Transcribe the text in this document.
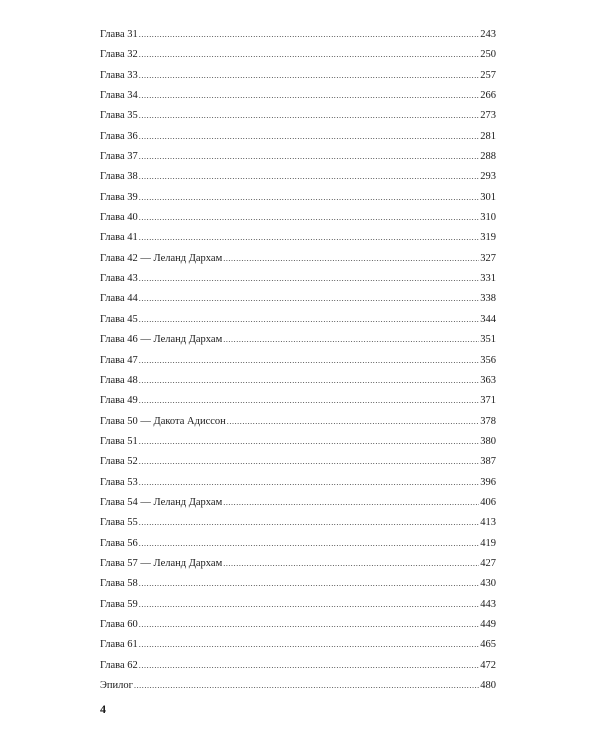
Глава 31 .....	243
Глава 32 .....	250
Глава 33 .....	257
Глава 34 .....	266
Глава 35 .....	273
Глава 36 .....	281
Глава 37 .....	288
Глава 38 .....	293
Глава 39 .....	301
Глава 40 .....	310
Глава 41 .....	319
Глава 42 — Леланд Дархам .....	327
Глава 43 .....	331
Глава 44 .....	338
Глава 45 .....	344
Глава 46 — Леланд Дархам .....	351
Глава 47 .....	356
Глава 48 .....	363
Глава 49 .....	371
Глава 50 — Дакота Адиссон .....	378
Глава 51 .....	380
Глава 52 .....	387
Глава 53 .....	396
Глава 54 — Леланд Дархам .....	406
Глава 55 .....	413
Глава 56 .....	419
Глава 57 — Леланд Дархам .....	427
Глава 58 .....	430
Глава 59 .....	443
Глава 60 .....	449
Глава 61 .....	465
Глава 62 .....	472
Эпилог .....	480
4
